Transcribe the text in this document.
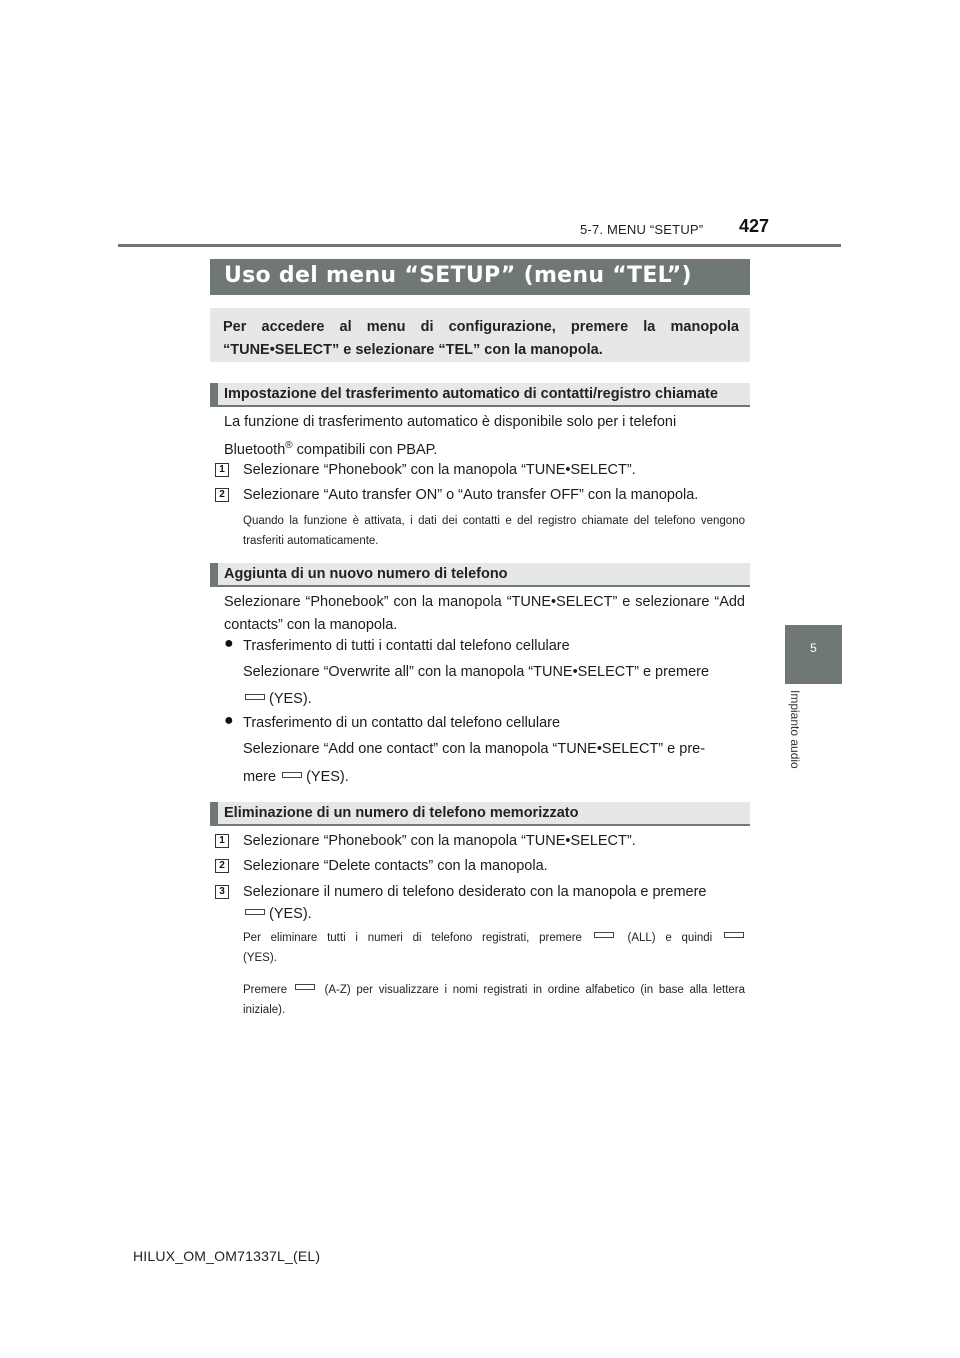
5-7. MENU “SETUP” 427
5
Impianto audio
Uso del menu “SETUP” (menu “TEL”)

Per accedere al menu di configurazione, premere la manopola “TUNE•SELECT” e selezionare “TEL” con la manopola.

Impostazione del trasferimento automatico di contatti/registro chiamate
La funzione di trasferimento automatico è disponibile solo per i telefoni
Bluetooth® compatibili con PBAP.
1 Selezionare “Phonebook” con la manopola “TUNE•SELECT”.
2 Selezionare “Auto transfer ON” o “Auto transfer OFF” con la manopola.
Quando la funzione è attivata, i dati dei contatti e del registro chiamate del telefono vengono trasferiti automaticamente.
Aggiunta di un nuovo numero di telefono
Selezionare “Phonebook” con la manopola “TUNE•SELECT” e selezionare “Add contacts” con la manopola.
● Trasferimento di tutti i contatti dal telefono cellulare
Selezionare “Overwrite all” con la manopola “TUNE•SELECT” e premere
(YES).
● Trasferimento di un contatto dal telefono cellulare
Selezionare “Add one contact” con la manopola “TUNE•SELECT” e pre-
mere (YES).
Eliminazione di un numero di telefono memorizzato
1 Selezionare “Phonebook” con la manopola “TUNE•SELECT”.
2 Selezionare “Delete contacts” con la manopola.
3 Selezionare il numero di telefono desiderato con la manopola e premere
(YES).
Per eliminare tutti i numeri di telefono registrati, premere	(ALL) e quindi
(YES).
Premere	(A-Z) per visualizzare i nomi registrati in ordine alfabetico (in base alla lettera iniziale).
HILUX_OM_OM71337L_(EL)
